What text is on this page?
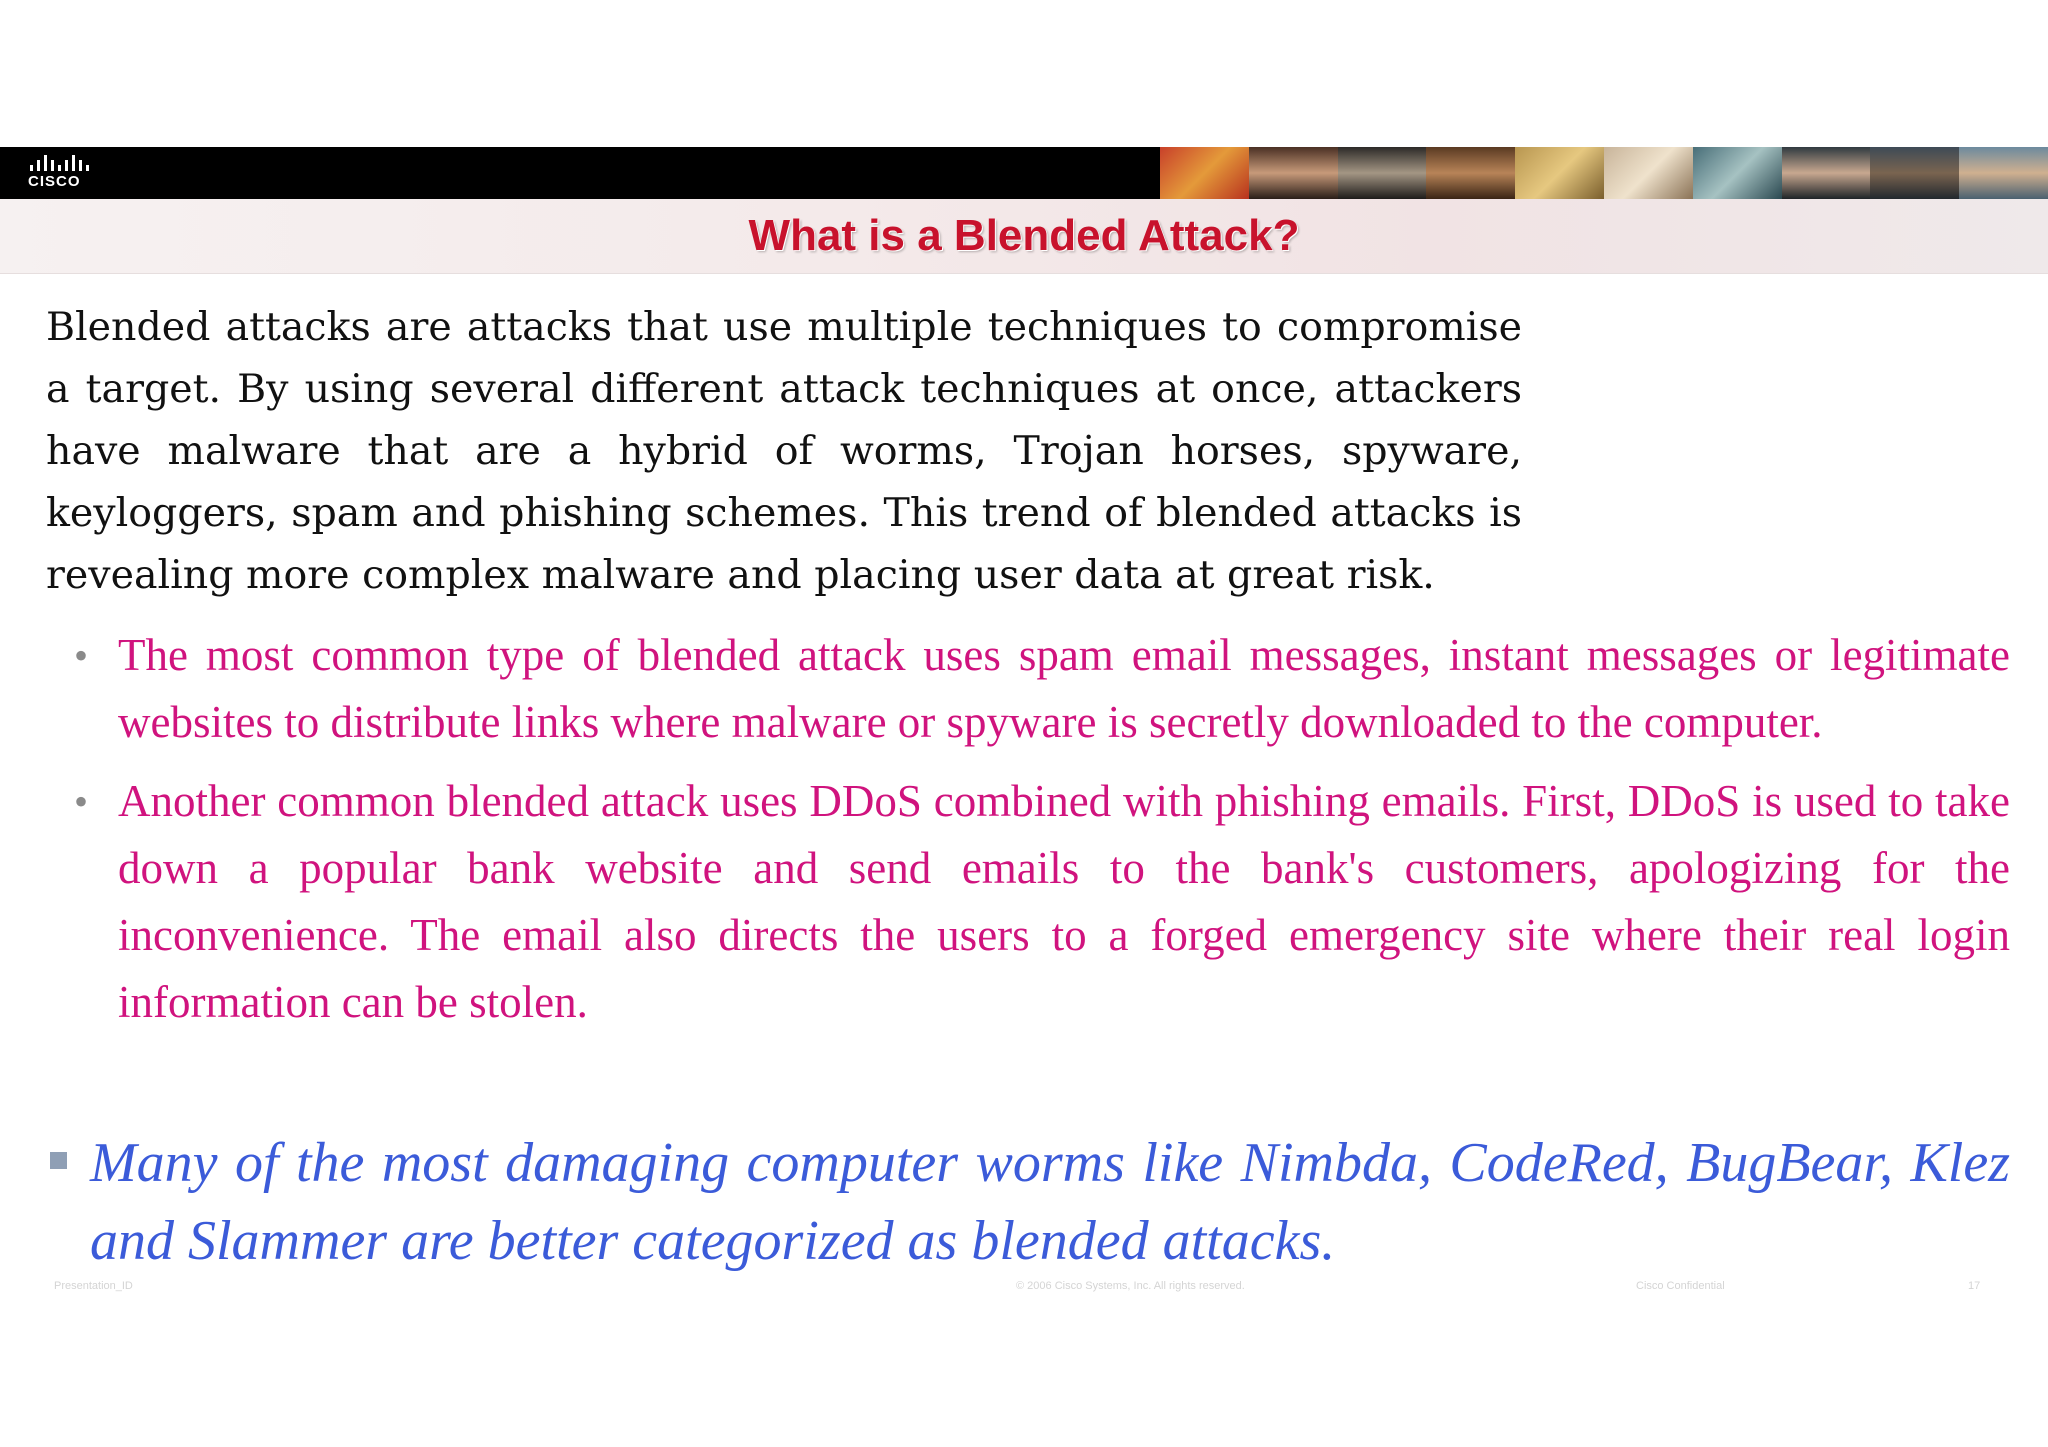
CISCO
What is a Blended Attack?
Blended attacks are attacks that use multiple techniques to compromise a target. By using several different attack techniques at once, attackers have malware that are a hybrid of worms, Trojan horses, spyware, keyloggers, spam and phishing schemes. This trend of blended attacks is revealing more complex malware and placing user data at great risk.
• The most common type of blended attack uses spam email messages, instant messages or legitimate websites to distribute links where malware or spyware is secretly downloaded to the computer.
• Another common blended attack uses DDoS combined with phishing emails. First, DDoS is used to take down a popular bank website and send emails to the bank's customers, apologizing for the inconvenience. The email also directs the users to a forged emergency site where their real login information can be stolen.
Many of the most damaging computer worms like Nimbda, CodeRed, BugBear, Klez and Slammer are better categorized as blended attacks.
Presentation_ID	© 2006 Cisco Systems, Inc. All rights reserved.	Cisco Confidential	17
